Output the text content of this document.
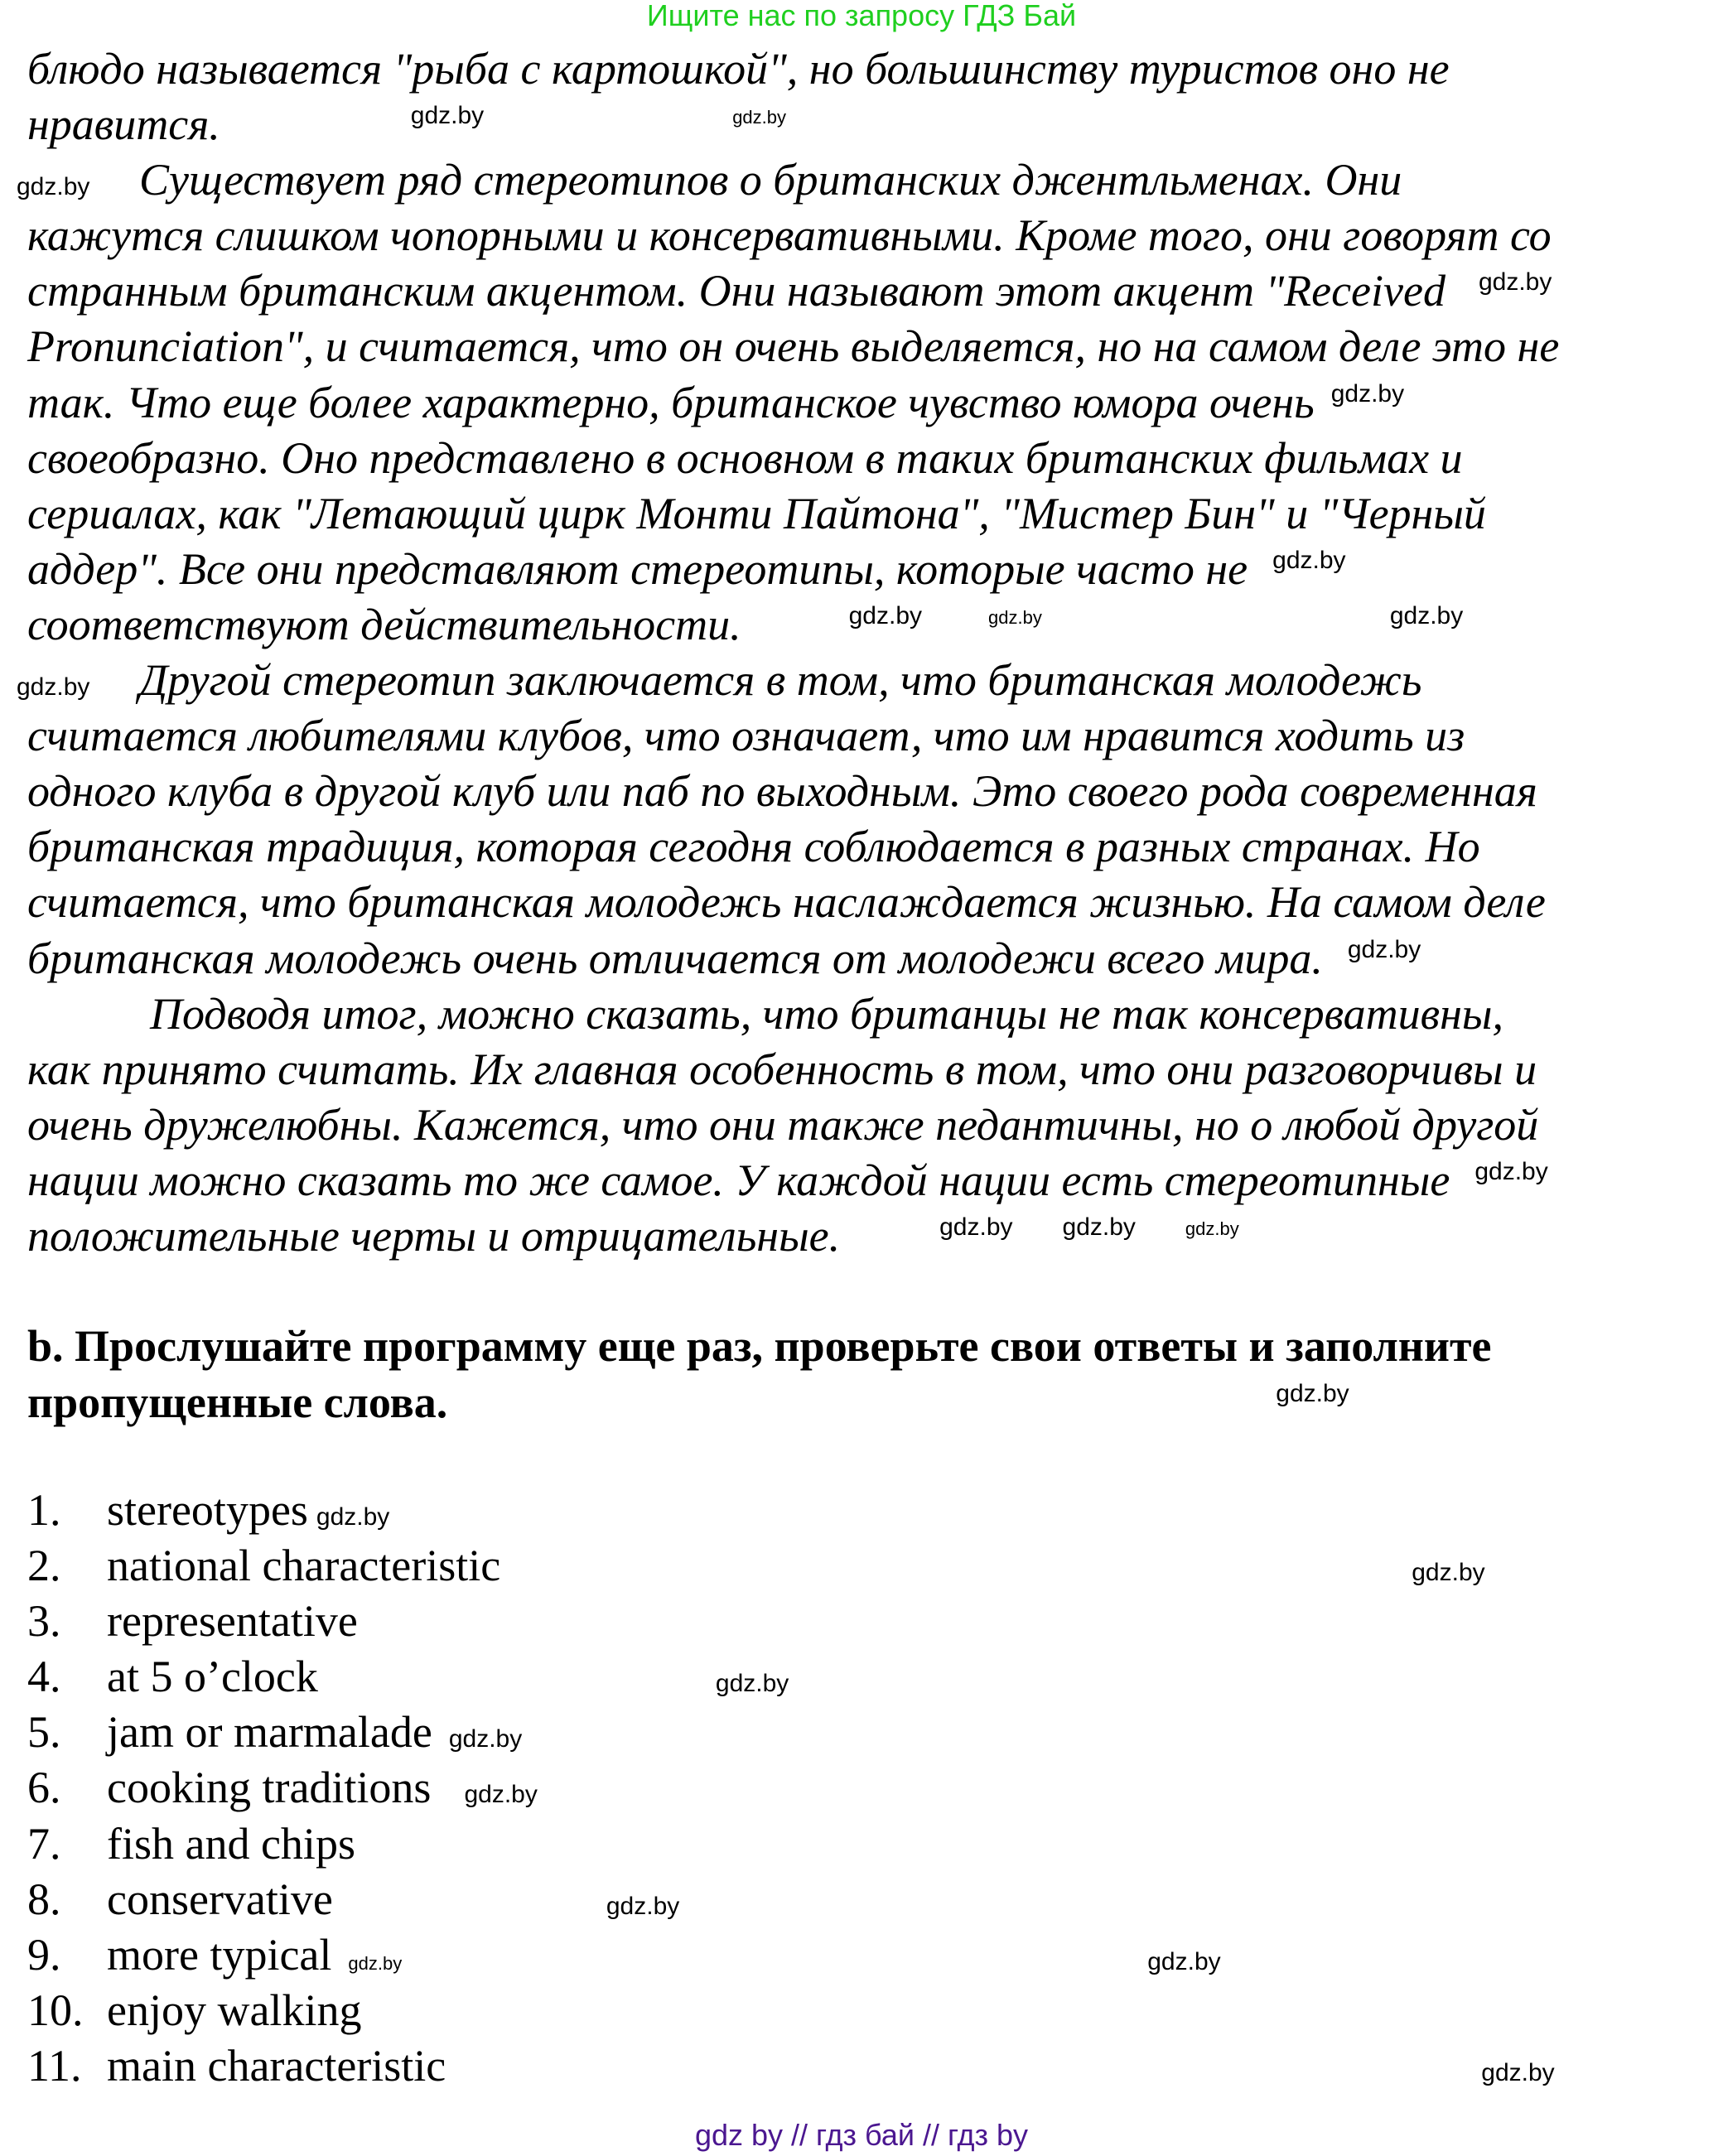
Ищите нас по запросу ГДЗ Бай
блюдо называется "рыба с картошкой", но большинству туристов оно не
нравится.	gdz.by	gdz.by
gdz.by Существует ряд стереотипов о британских джентльменах. Они
кажутся слишком чопорными и консервативными. Кроме того, они говорят со
странным британским акцентом. Они называют этот акцент "Received gdz.by
Pronunciation", и считается, что он очень выделяется, но на самом деле это не
так. Что еще более характерно, британское чувство юмора очень gdz.by
своеобразно. Оно представлено в основном в таких британских фильмах и
сериалах, как "Летающий цирк Монти Пайтона", "Мистер Бин" и "Черный
аддер". Все они представляют стереотипы, которые часто не gdz.by
соответствуют действительности.	gdz.by	gdz.by	gdz.by
gdz.by Другой стереотип заключается в том, что британская молодежь
считается любителями клубов, что означает, что им нравится ходить из
одного клуба в другой клуб или паб по выходным. Это своего рода современная
британская традиция, которая сегодня соблюдается в разных странах. Но
считается, что британская молодежь наслаждается жизнью. На самом деле
британская молодежь очень отличается от молодежи всего мира. gdz.by
Подводя итог, можно сказать, что британцы не так консервативны,
как принято считать. Их главная особенность в том, что они разговорчивы и
очень дружелюбны. Кажется, что они также педантичны, но о любой другой
нации можно сказать то же самое. У каждой нации есть стереотипные gdz.by
положительные черты и отрицательные.	gdz.by gdz.by	gdz.by
b. Прослушайте программу еще раз, проверьте свои ответы и заполните
пропущенные слова.	gdz.by
1.	stereotypes gdz.by
2.	national characteristic	gdz.by
3.	representative
4.	at 5 o’clock	gdz.by
5.	jam or marmalade gdz.by
6.	cooking traditions gdz.by
7.	fish and chips
8.	conservative	gdz.by
9.	more typical gdz.by	gdz.by
10. enjoy walking
11. main characteristic	gdz.by
gdz by // гдз бай // гдз by
